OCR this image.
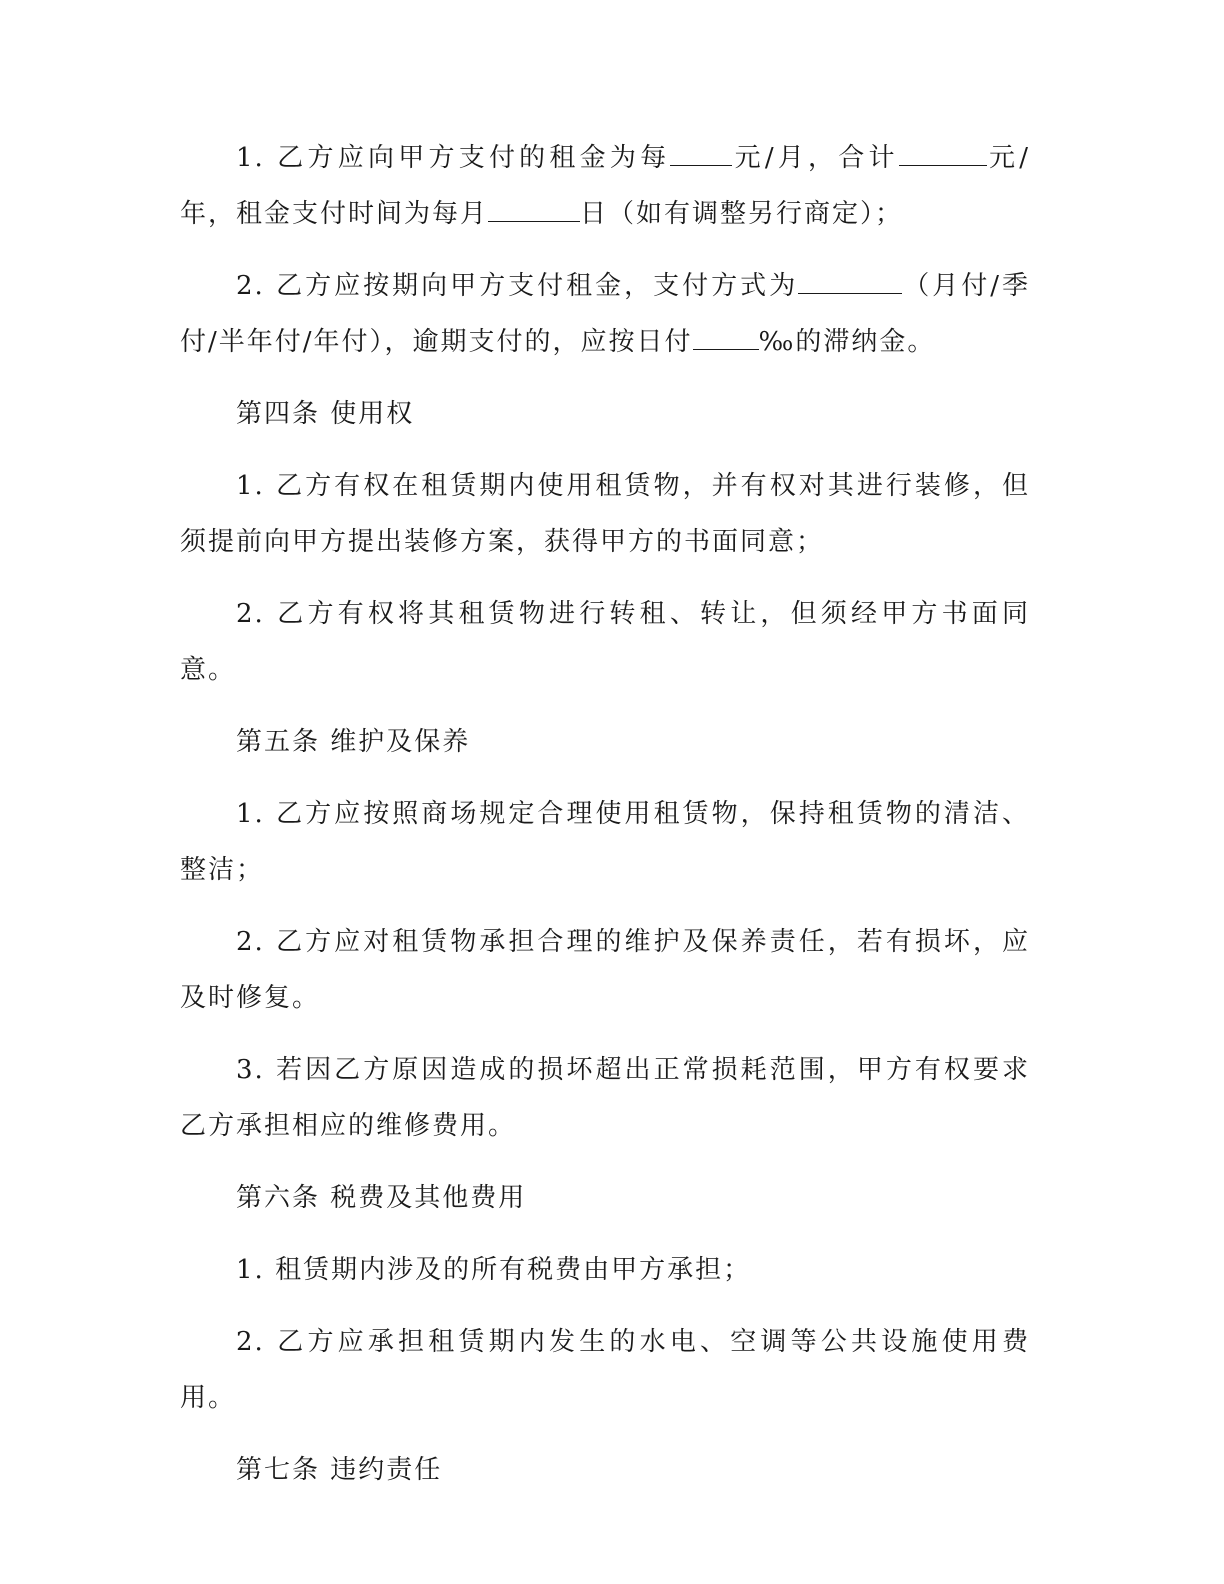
1. 乙方应向甲方支付的租金为每 元/月，合计	元/年，租金支付时间为每月	日（如有调整另行商定）；

2. 乙方应按期向甲方支付租金，支付方式为	（月付/季付/半年付/年付），逾期支付的，应按日付	‰的滞纳金。

第四条 使用权

1. 乙方有权在租赁期内使用租赁物，并有权对其进行装修，但须提前向甲方提出装修方案，获得甲方的书面同意；

2. 乙方有权将其租赁物进行转租、转让，但须经甲方书面同意。

第五条 维护及保养

1. 乙方应按照商场规定合理使用租赁物，保持租赁物的清洁、整洁；

2. 乙方应对租赁物承担合理的维护及保养责任，若有损坏，应及时修复。

3. 若因乙方原因造成的损坏超出正常损耗范围，甲方有权要求乙方承担相应的维修费用。

第六条 税费及其他费用

1. 租赁期内涉及的所有税费由甲方承担；

2. 乙方应承担租赁期内发生的水电、空调等公共设施使用费用。

第七条 违约责任
